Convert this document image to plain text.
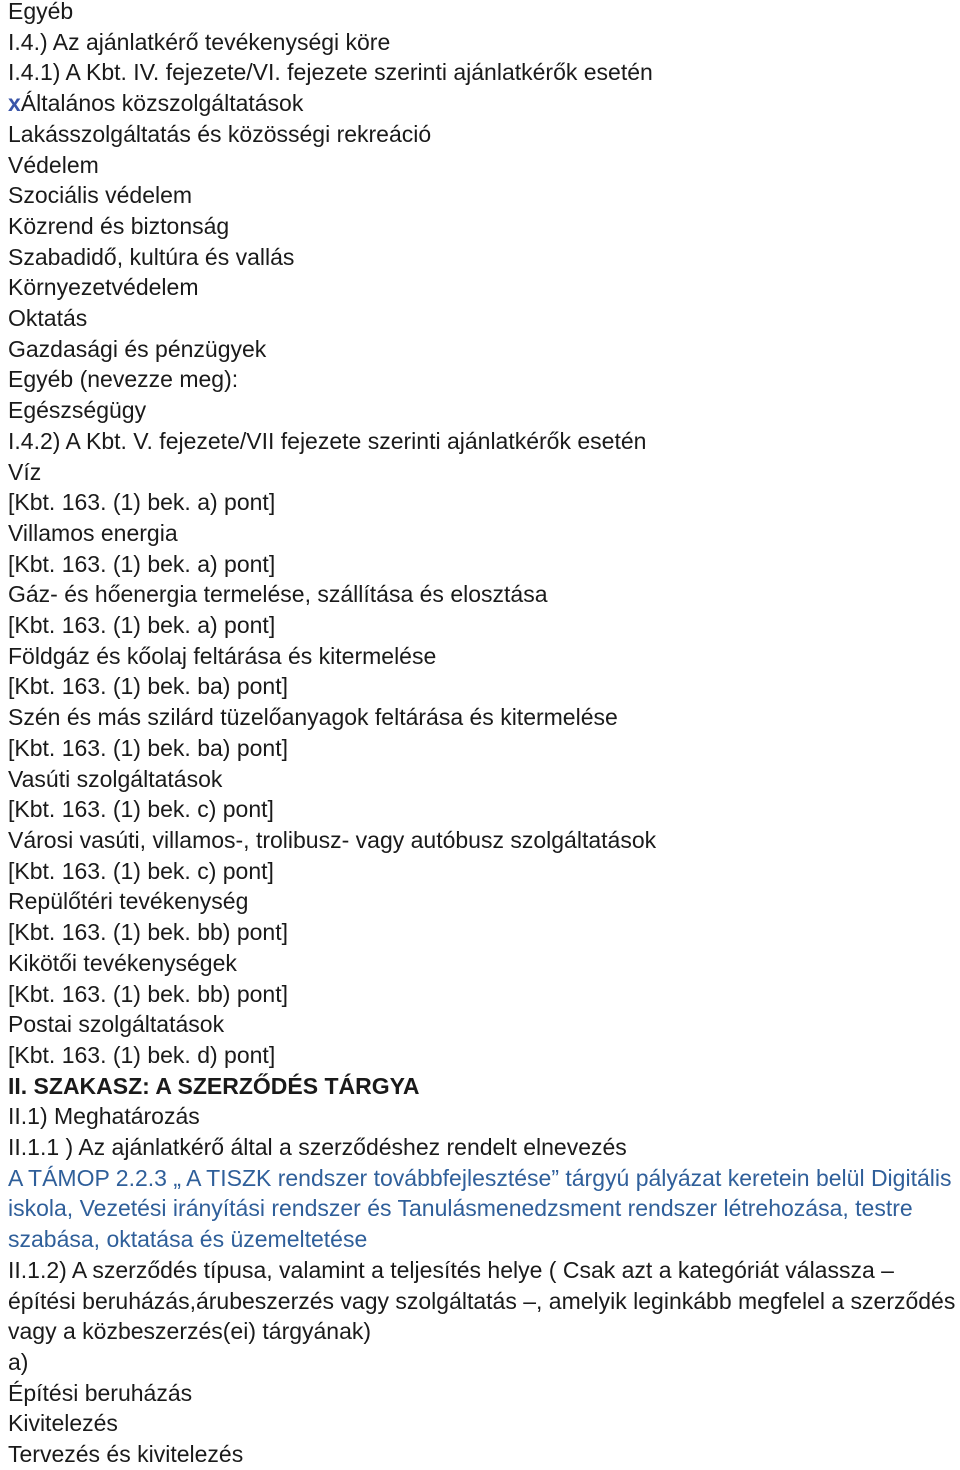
Egyéb
I.4.) Az ajánlatkérő tevékenységi köre
I.4.1) A Kbt. IV. fejezete/VI. fejezete szerinti ajánlatkérők esetén
xÁltalános közszolgáltatások
Lakásszolgáltatás és közösségi rekreáció
Védelem
Szociális védelem
Közrend és biztonság
Szabadidő, kultúra és vallás
Környezetvédelem
Oktatás
Gazdasági és pénzügyek
Egyéb (nevezze meg):
Egészségügy
I.4.2) A Kbt. V. fejezete/VII fejezete szerinti ajánlatkérők esetén
Víz
[Kbt. 163. (1) bek. a) pont]
Villamos energia
[Kbt. 163. (1) bek. a) pont]
Gáz- és hőenergia termelése, szállítása és elosztása
[Kbt. 163. (1) bek. a) pont]
Földgáz és kőolaj feltárása és kitermelése
[Kbt. 163. (1) bek. ba) pont]
Szén és más szilárd tüzelőanyagok feltárása és kitermelése
[Kbt. 163. (1) bek. ba) pont]
Vasúti szolgáltatások
[Kbt. 163. (1) bek. c) pont]
Városi vasúti, villamos-, trolibusz- vagy autóbusz szolgáltatások
[Kbt. 163. (1) bek. c) pont]
Repülőtéri tevékenység
[Kbt. 163. (1) bek. bb) pont]
Kikötői tevékenységek
[Kbt. 163. (1) bek. bb) pont]
Postai szolgáltatások
[Kbt. 163. (1) bek. d) pont]
II. SZAKASZ: A SZERZŐDÉS TÁRGYA
II.1) Meghatározás
II.1.1 ) Az ajánlatkérő által a szerződéshez rendelt elnevezés
A TÁMOP 2.2.3 „ A TISZK rendszer továbbfejlesztése” tárgyú pályázat keretein belül Digitális iskola, Vezetési irányítási rendszer és Tanulásmenedzsment rendszer létrehozása, testre szabása, oktatása és üzemeltetése
II.1.2) A szerződés típusa, valamint a teljesítés helye ( Csak azt a kategóriát válassza – építési beruházás,árubeszerzés vagy szolgáltatás –, amelyik leginkább megfelel a szerződés vagy a közbeszerzés(ei) tárgyának)
a)
Építési beruházás
Kivitelezés
Tervezés és kivitelezés
